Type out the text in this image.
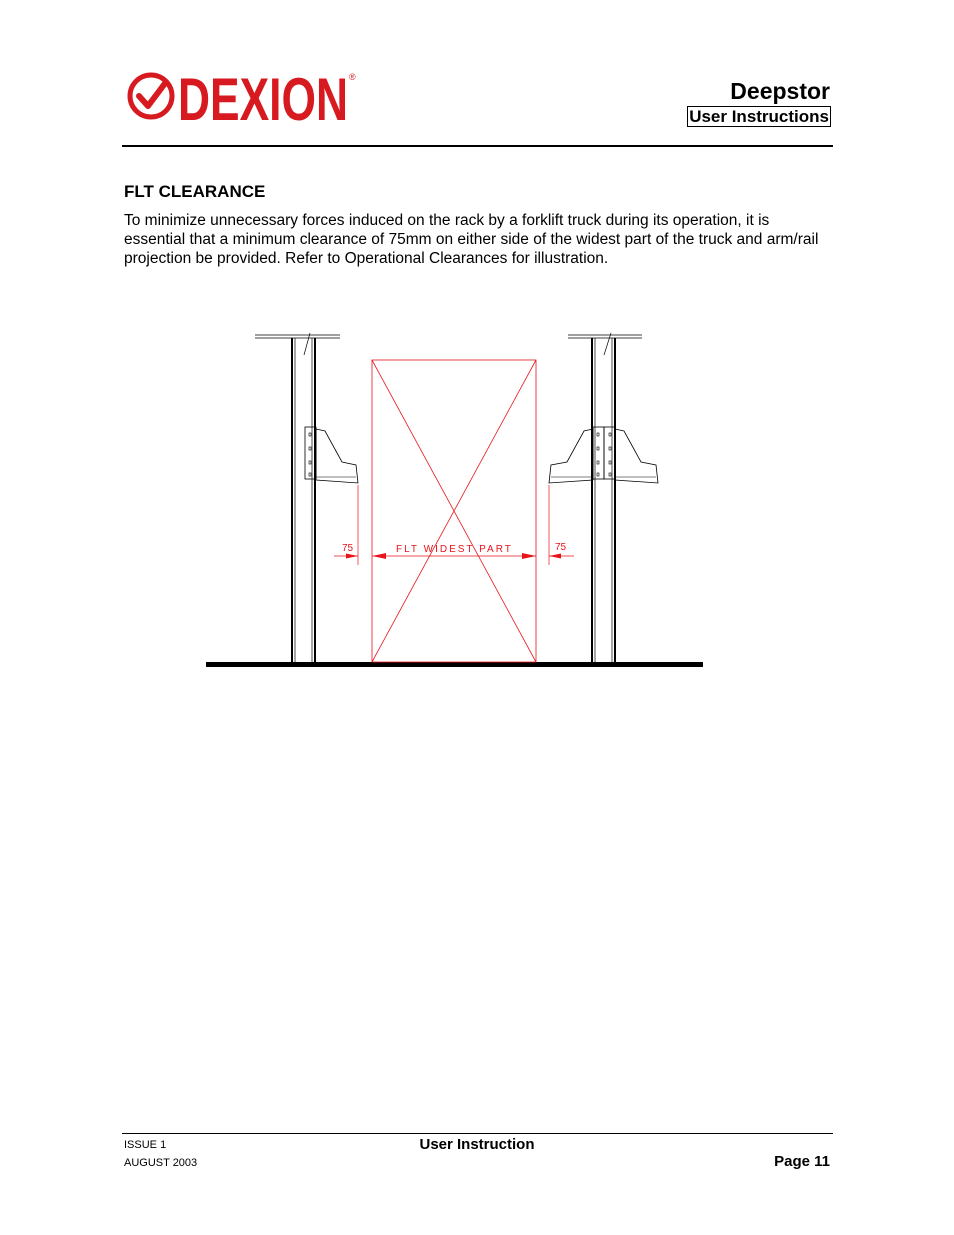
DEXION ®
Deepstor
User Instructions
FLT CLEARANCE
To minimize unnecessary forces induced on the rack by a forklift truck during its operation, it is essential that a minimum clearance of 75mm on either side of the widest part of the truck and arm/rail projection be provided. Refer to Operational Clearances for illustration.
75	FLT WIDEST PART	75
ISSUE 1
AUGUST 2003
User Instruction
Page 11
